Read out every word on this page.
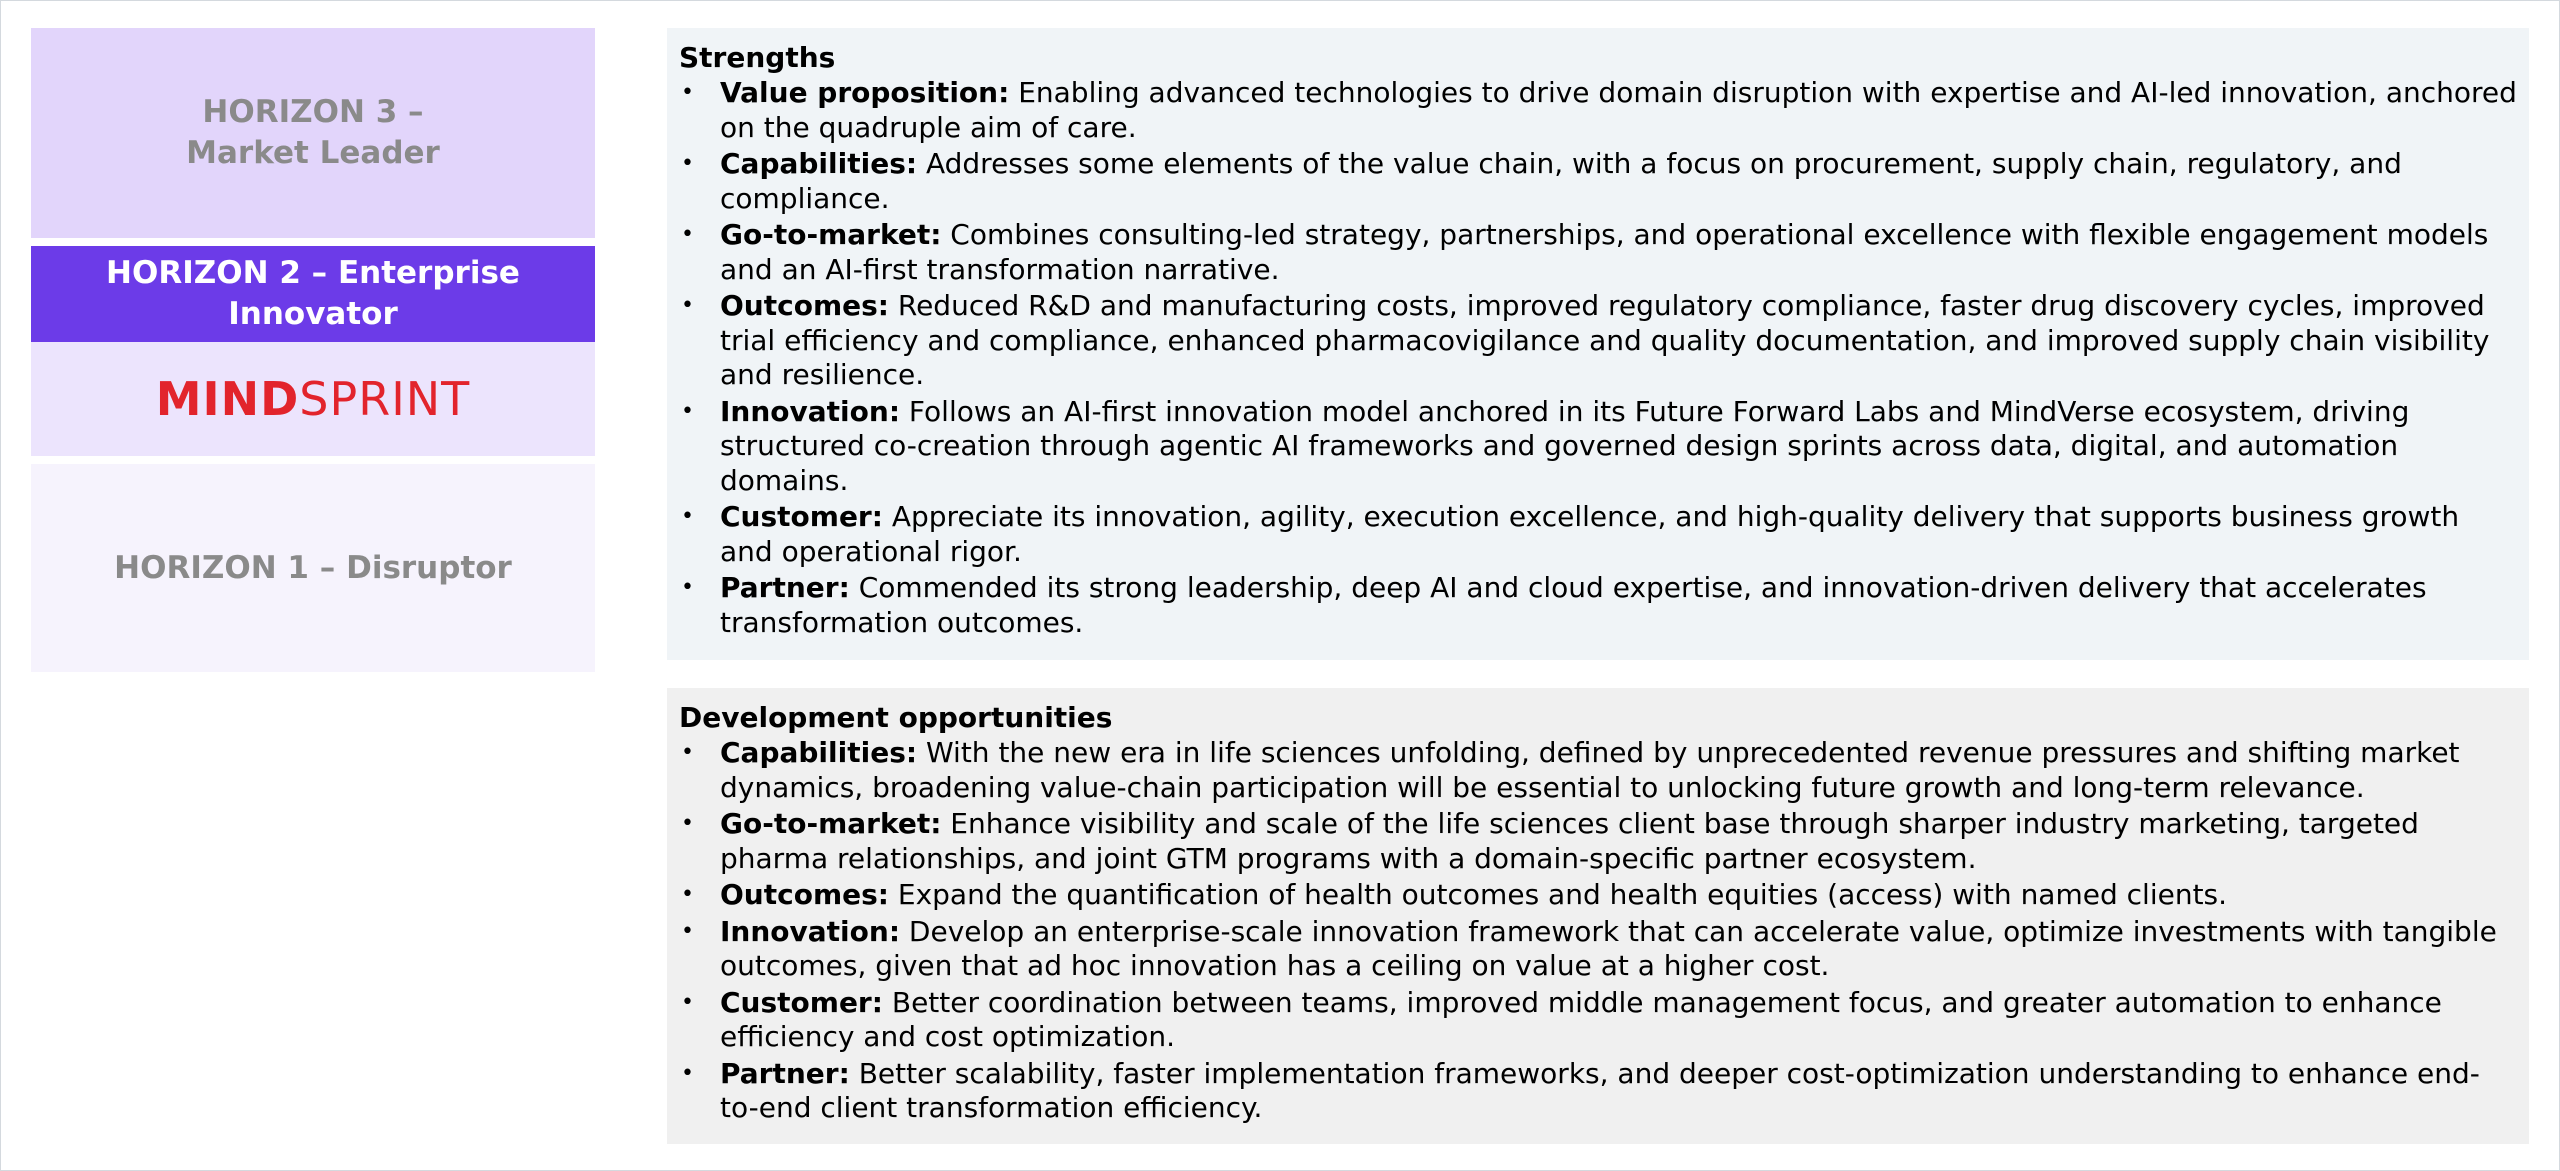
HORIZON 3 –
Market Leader
HORIZON 2 – Enterprise
Innovator
MINDSPRINT
HORIZON 1 – Disruptor
Strengths
• Value proposition: Enabling advanced technologies to drive domain disruption with expertise and AI-led innovation, anchored on the quadruple aim of care.
• Capabilities: Addresses some elements of the value chain, with a focus on procurement, supply chain, regulatory, and compliance.
• Go-to-market: Combines consulting-led strategy, partnerships, and operational excellence with flexible engagement models and an AI-first transformation narrative.
• Outcomes: Reduced R&D and manufacturing costs, improved regulatory compliance, faster drug discovery cycles, improved trial efficiency and compliance, enhanced pharmacovigilance and quality documentation, and improved supply chain visibility and resilience.
• Innovation: Follows an AI-first innovation model anchored in its Future Forward Labs and MindVerse ecosystem, driving structured co-creation through agentic AI frameworks and governed design sprints across data, digital, and automation domains.
• Customer: Appreciate its innovation, agility, execution excellence, and high-quality delivery that supports business growth and operational rigor.
• Partner: Commended its strong leadership, deep AI and cloud expertise, and innovation-driven delivery that accelerates transformation outcomes.
Development opportunities
• Capabilities: With the new era in life sciences unfolding, defined by unprecedented revenue pressures and shifting market dynamics, broadening value-chain participation will be essential to unlocking future growth and long-term relevance.
• Go-to-market: Enhance visibility and scale of the life sciences client base through sharper industry marketing, targeted pharma relationships, and joint GTM programs with a domain-specific partner ecosystem.
• Outcomes: Expand the quantification of health outcomes and health equities (access) with named clients.
• Innovation: Develop an enterprise-scale innovation framework that can accelerate value, optimize investments with tangible outcomes, given that ad hoc innovation has a ceiling on value at a higher cost.
• Customer: Better coordination between teams, improved middle management focus, and greater automation to enhance efficiency and cost optimization.
• Partner: Better scalability, faster implementation frameworks, and deeper cost-optimization understanding to enhance end-to-end client transformation efficiency.
